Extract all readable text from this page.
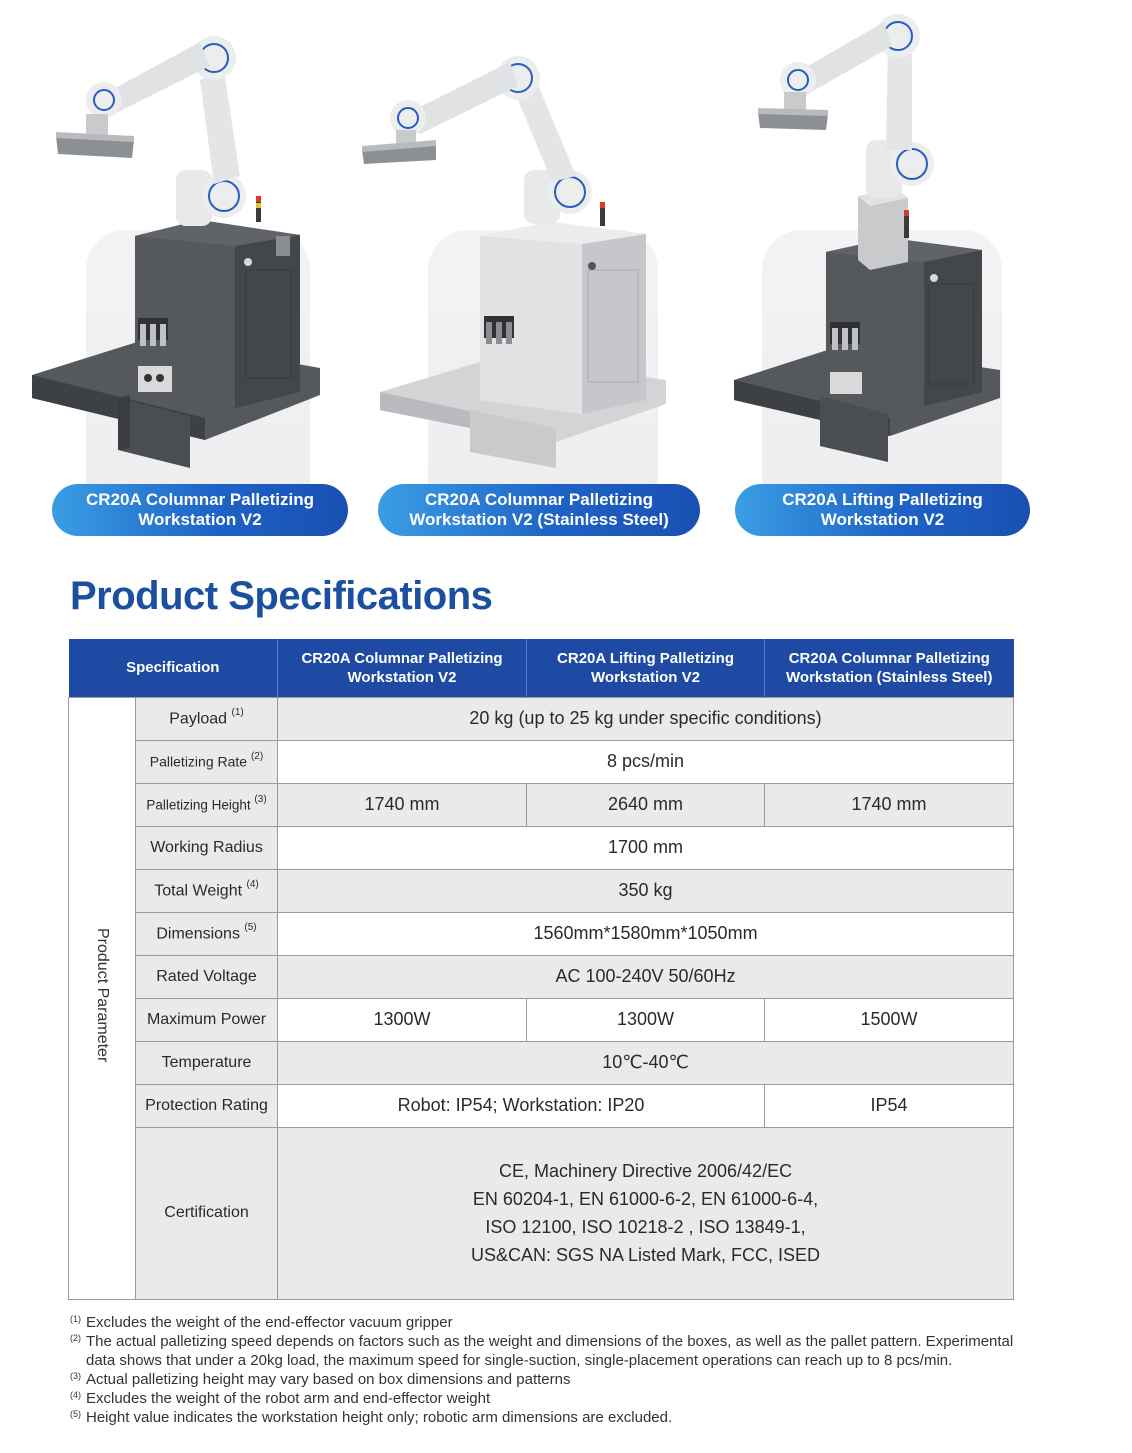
CR20A Columnar Palletizing
Workstation V2
CR20A Columnar Palletizing
Workstation V2 (Stainless Steel)
CR20A Lifting Palletizing
Workstation V2
Product Specifications
Specification		CR20A Columnar Palletizing Workstation V2	CR20A Lifting Palletizing Workstation V2	CR20A Columnar Palletizing Workstation (Stainless Steel)
Product Parameter	Payload $^{(1)}$	20 kg (up to 25 kg under specific conditions)		
	Palletizing Rate $^{(2)}$	8 pcs/min		
	Palletizing Height $^{(3)}$	1740 mm	2640 mm	1740 mm
	Working Radius	1700 mm		
	Total Weight $^{(4)}$	350 kg		
	Dimensions $^{(5)}$	1560mm*1580mm*1050mm		
	Rated Voltage	AC 100-240V 50/60Hz		
	Maximum Power	1300W	1300W	1500W
	Temperature	10℃-40℃		
	Protection Rating	Robot: IP54; Workstation: IP20		IP54
	Certification	CE, Machinery Directive 2006/42/EC
EN 60204-1, EN 61000-6-2, EN 61000-6-4,
ISO 12100, ISO 10218-2 , ISO 13849-1,
US&CAN: SGS NA Listed Mark, FCC, ISED		
(1) Excludes the weight of the end-effector vacuum gripper
(2) The actual palletizing speed depends on factors such as the weight and dimensions of the boxes, as well as the pallet pattern. Experimental data shows that under a 20kg load, the maximum speed for single-suction, single-placement operations can reach up to 8 pcs/min.
(3) Actual palletizing height may vary based on box dimensions and patterns
(4) Excludes the weight of the robot arm and end-effector weight
(5) Height value indicates the workstation height only; robotic arm dimensions are excluded.
